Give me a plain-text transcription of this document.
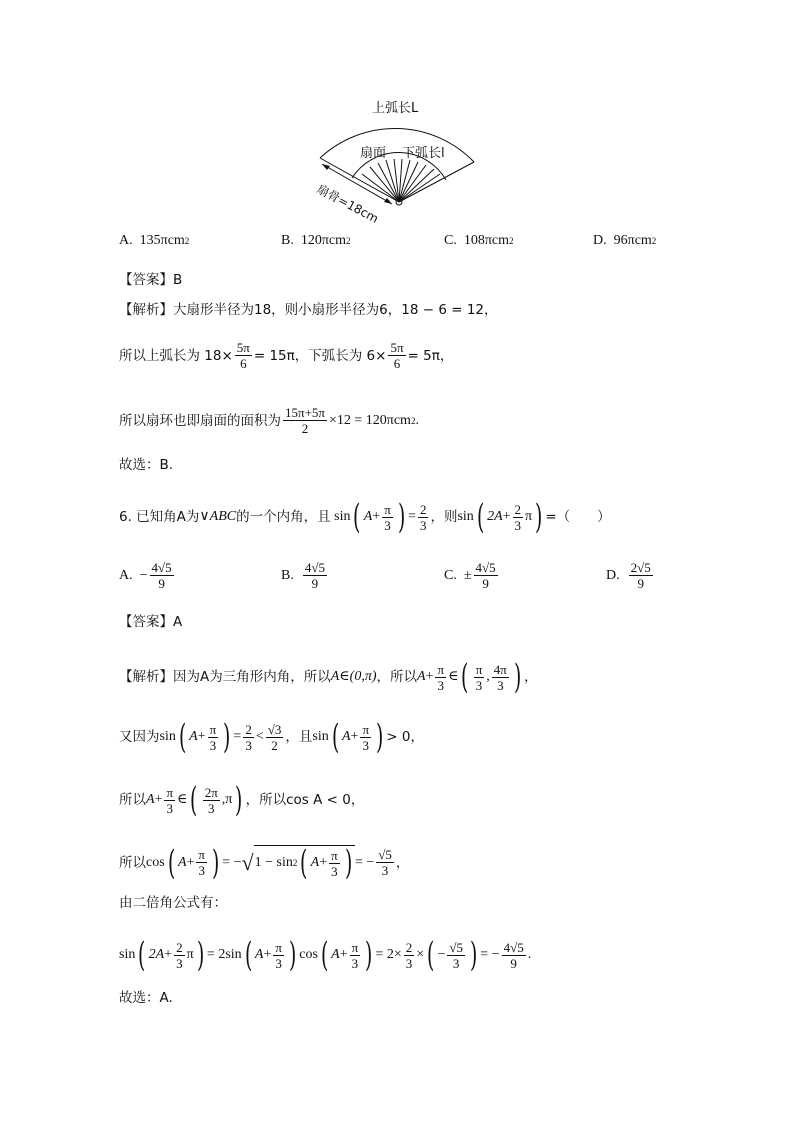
上弧长L
扇面 下弧长l
扇骨=18cm
A.
135πcm 2	B.
120πcm 2	C.
108πcm 2	D.
96πcm 2
【答案】B
【解析】大扇形半径为18，则小扇形半径为6，18 − 6 = 12，
所以上弧长为 $18\times \frac{5\pi}{6} = 15\pi$，下弧长为 $6\times \frac{5\pi}{6} = 5\pi$，
所以扇环也即扇面的面积为 $\frac{15\pi+5\pi}{2} \times 12 = 120\pi cm$ 2 .
故选：B.
6. 已知角A为 ∨ABC 的一个内角，且 sin ( $A + \frac{\pi}{3}$ ) = $\frac{2}{3}$ ，则 sin ( $2A + \frac{2}{3}$ π ) =（　　）
A.
− $\frac{4√5}{9}$	B.
$\frac{4√5}{9}$	C.
± $\frac{4√5}{9}$	D.
$\frac{2√5}{9}$
【答案】A
【解析】因为A为三角形内角，所以 A∈(0,π) ，所以 $A + \frac{\pi}{3}$ ∈ ( $\frac{\pi}{3}$ , $\frac{4\pi}{3}$ ) ，
又因为 sin ( $A + \frac{\pi}{3}$ ) = $\frac{2}{3} < \frac{√3}{2}$ ，且 sin ( $A + \frac{\pi}{3}$ ) > 0，
所以 $A + \frac{\pi}{3}$ ∈ ( $\frac{2\pi}{3}$ , π ) ，所以cos A < 0，
所以 cos ( $A + \frac{\pi}{3}$ ) = − √ 1 − sin 2 ( $A + \frac{\pi}{3}$ ) = − $\frac{√5}{3}$ ，
由二倍角公式有：
sin ( $2A + \frac{2}{3}$ π ) = 2sin ( $A + \frac{\pi}{3}$ ) cos ( $A + \frac{\pi}{3}$ ) = $2\times \frac{2}{3}$ × ( − $\frac{√5}{3}$ ) = − $\frac{4√5}{9}$ .
故选：A.
